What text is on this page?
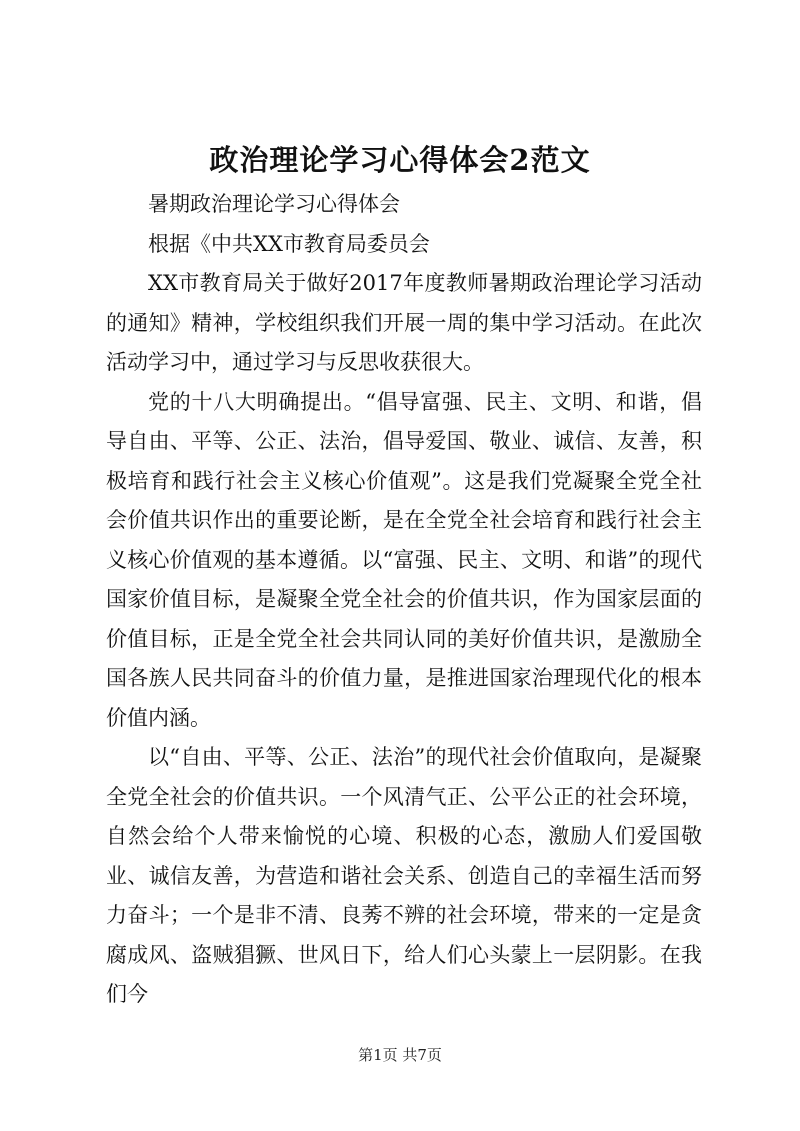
政治理论学习心得体会2范文

暑期政治理论学习心得体会

根据《中共XX市教育局委员会

XX市教育局关于做好2017年度教师暑期政治理论学习活动的通知》精神，学校组织我们开展一周的集中学习活动。在此次活动学习中，通过学习与反思收获很大。

党的十八大明确提出。“倡导富强、民主、文明、和谐，倡导自由、平等、公正、法治，倡导爱国、敬业、诚信、友善，积极培育和践行社会主义核心价值观”。这是我们党凝聚全党全社会价值共识作出的重要论断，是在全党全社会培育和践行社会主义核心价值观的基本遵循。以“富强、民主、文明、和谐”的现代国家价值目标，是凝聚全党全社会的价值共识，作为国家层面的价值目标，正是全党全社会共同认同的美好价值共识，是激励全国各族人民共同奋斗的价值力量，是推进国家治理现代化的根本价值内涵。

以“自由、平等、公正、法治”的现代社会价值取向，是凝聚全党全社会的价值共识。一个风清气正、公平公正的社会环境，自然会给个人带来愉悦的心境、积极的心态，激励人们爱国敬业、诚信友善，为营造和谐社会关系、创造自己的幸福生活而努力奋斗；一个是非不清、良莠不辨的社会环境，带来的一定是贪腐成风、盗贼猖獗、世风日下，给人们心头蒙上一层阴影。在我们今

第1页 共7页
